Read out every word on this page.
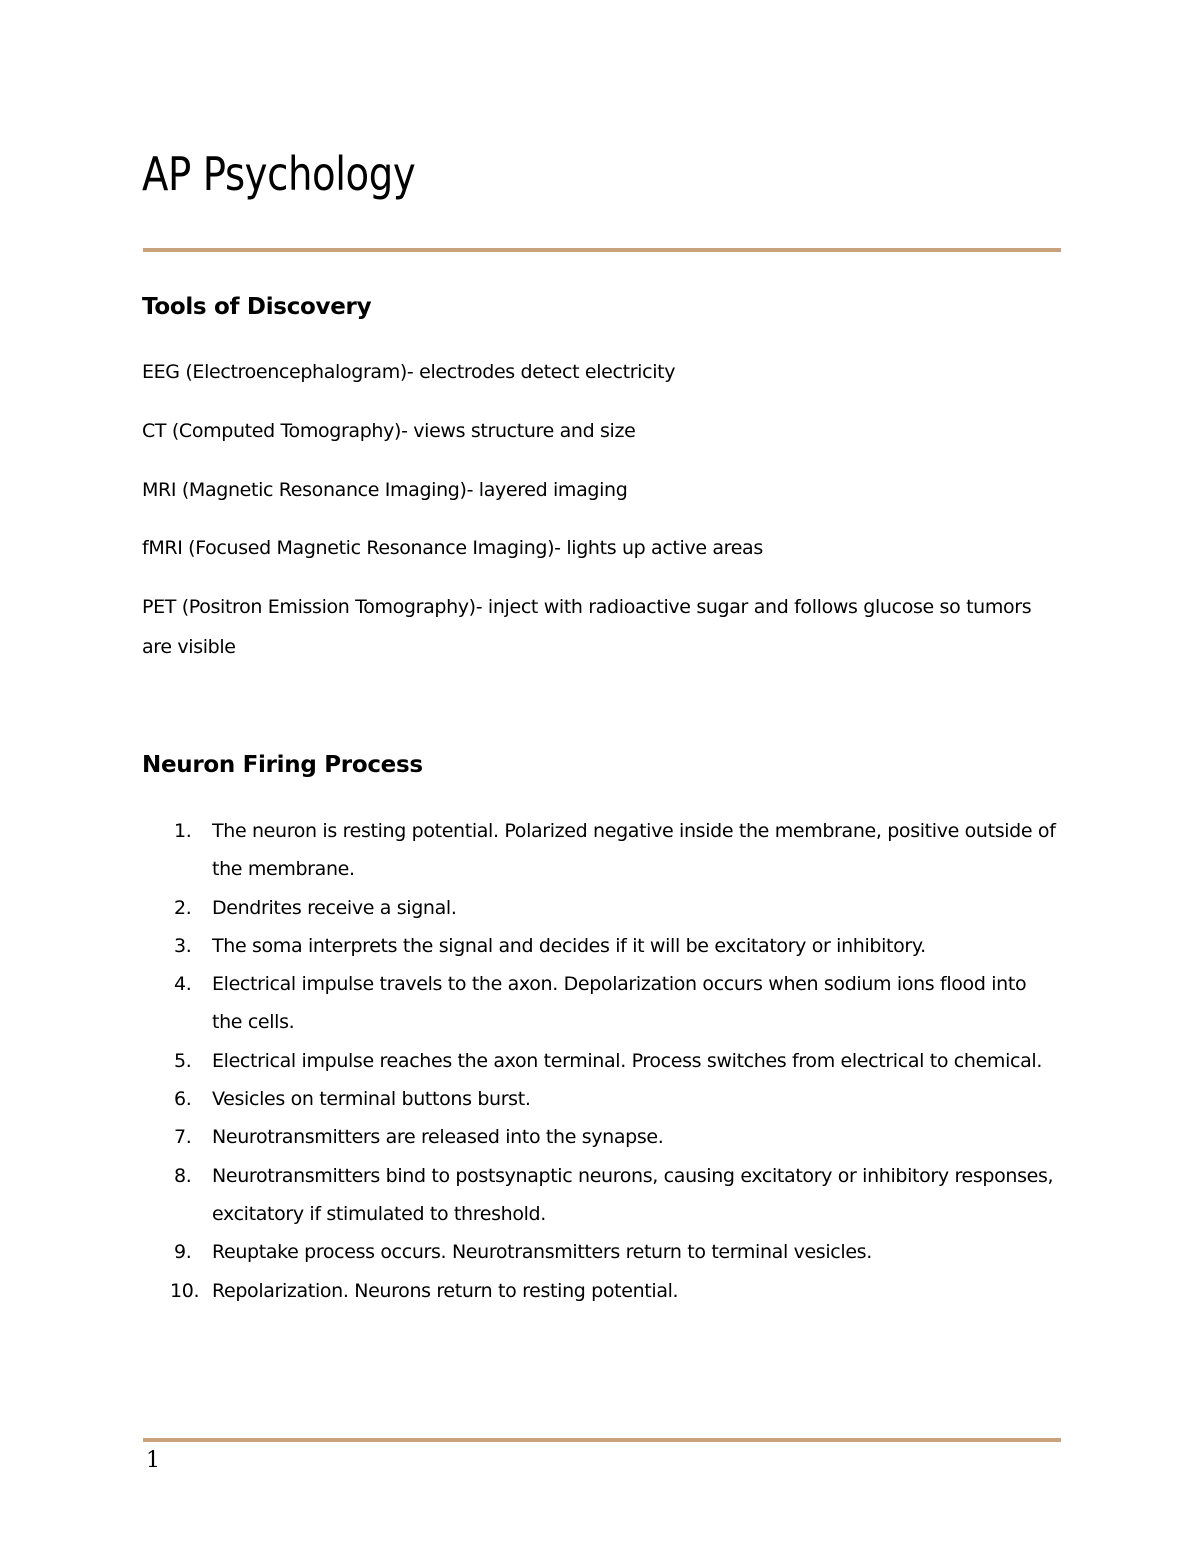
AP Psychology
Tools of Discovery

EEG (Electroencephalogram)- electrodes detect electricity

CT (Computed Tomography)- views structure and size

MRI (Magnetic Resonance Imaging)- layered imaging

fMRI (Focused Magnetic Resonance Imaging)- lights up active areas

PET (Positron Emission Tomography)- inject with radioactive sugar and follows glucose so tumors are visible

Neuron Firing Process
1. The neuron is resting potential. Polarized negative inside the membrane, positive outside of the membrane.
2. Dendrites receive a signal.
3. The soma interprets the signal and decides if it will be excitatory or inhibitory.
4. Electrical impulse travels to the axon. Depolarization occurs when sodium ions flood into the cells.
5. Electrical impulse reaches the axon terminal. Process switches from electrical to chemical.
6. Vesicles on terminal buttons burst.
7. Neurotransmitters are released into the synapse.
8. Neurotransmitters bind to postsynaptic neurons, causing excitatory or inhibitory responses, excitatory if stimulated to threshold.
9. Reuptake process occurs. Neurotransmitters return to terminal vesicles.
10. Repolarization. Neurons return to resting potential.
1
